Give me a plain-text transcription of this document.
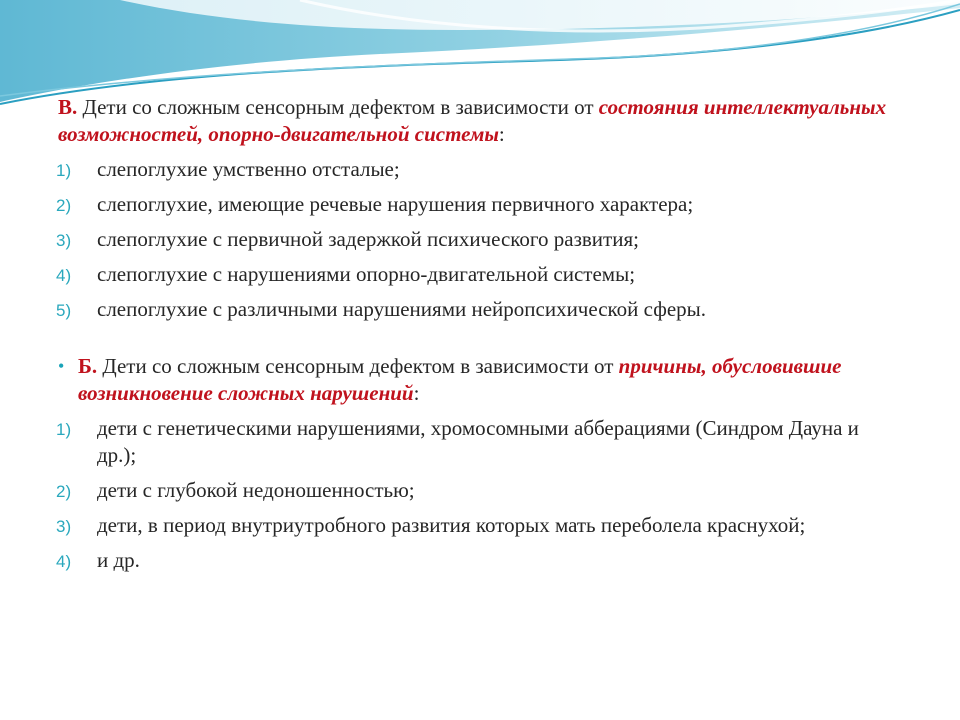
В. Дети со сложным сенсорным дефектом в зависимости от состояния интеллектуальных возможностей, опорно-двигательной системы:

1) слепоглухие умственно отсталые;
2) слепоглухие, имеющие речевые нарушения первичного характера;
3) слепоглухие с первичной задержкой психического развития;
4) слепоглухие с нарушениями опорно-двигательной системы;
5) слепоглухие с различными нарушениями нейропсихической сферы.

• Б. Дети со сложным сенсорным дефектом в зависимости от причины, обусловившие возникновение сложных нарушений:

1) дети с генетическими нарушениями, хромосомными абберациями (Синдром Дауна и др.);
2) дети с глубокой недоношенностью;
3) дети, в период внутриутробного развития которых мать переболела краснухой;
4) и др.
